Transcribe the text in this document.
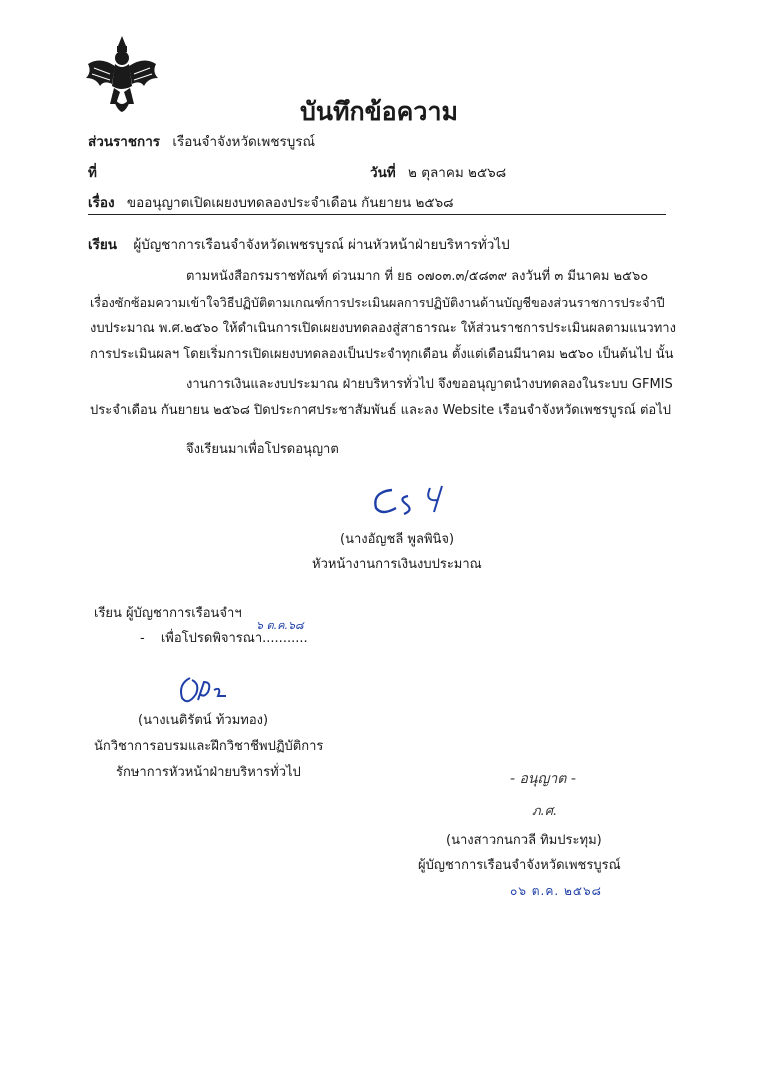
บันทึกข้อความ
ส่วนราชการ เรือนจำจังหวัดเพชรบูรณ์
ที่	วันที่ ๒ ตุลาคม ๒๕๖๘
เรื่อง ขออนุญาตเปิดเผยงบทดลองประจำเดือน กันยายน ๒๕๖๘
เรียน ผู้บัญชาการเรือนจำจังหวัดเพชรบูรณ์ ผ่านหัวหน้าฝ่ายบริหารทั่วไป
ตามหนังสือกรมราชทัณฑ์ ด่วนมาก ที่ ยธ ๐๗๐๓.๓/๕๘๓๙ ลงวันที่ ๓ มีนาคม ๒๕๖๐
เรื่องซักซ้อมความเข้าใจวิธีปฏิบัติตามเกณฑ์การประเมินผลการปฏิบัติงานด้านบัญชีของส่วนราชการประจำปี
งบประมาณ พ.ศ.๒๕๖๐ ให้ดำเนินการเปิดเผยงบทดลองสู่สาธารณะ ให้ส่วนราชการประเมินผลตามแนวทาง
การประเมินผลฯ โดยเริ่มการเปิดเผยงบทดลองเป็นประจำทุกเดือน ตั้งแต่เดือนมีนาคม ๒๕๖๐ เป็นต้นไป นั้น
งานการเงินและงบประมาณ ฝ่ายบริหารทั่วไป จึงขออนุญาตนำงบทดลองในระบบ GFMIS
ประจำเดือน กันยายน ๒๕๖๘ ปิดประกาศประชาสัมพันธ์ และลง Website เรือนจำจังหวัดเพชรบูรณ์ ต่อไป
จึงเรียนมาเพื่อโปรดอนุญาต
(นางอัญชลี พูลพินิจ)
หัวหน้างานการเงินงบประมาณ
เรียน ผู้บัญชาการเรือนจำฯ
- เพื่อโปรดพิจารณา...........
๖ ต.ค.๖๘
(นางเนติรัตน์ ท้วมทอง)
นักวิชาการอบรมและฝึกวิชาชีพปฏิบัติการ
รักษาการหัวหน้าฝ่ายบริหารทั่วไป	- อนุญาต -
ภ.ศ.
(นางสาวกนกวลี ทิมประทุม)
ผู้บัญชาการเรือนจำจังหวัดเพชรบูรณ์
๐๖ ต.ค. ๒๕๖๘
